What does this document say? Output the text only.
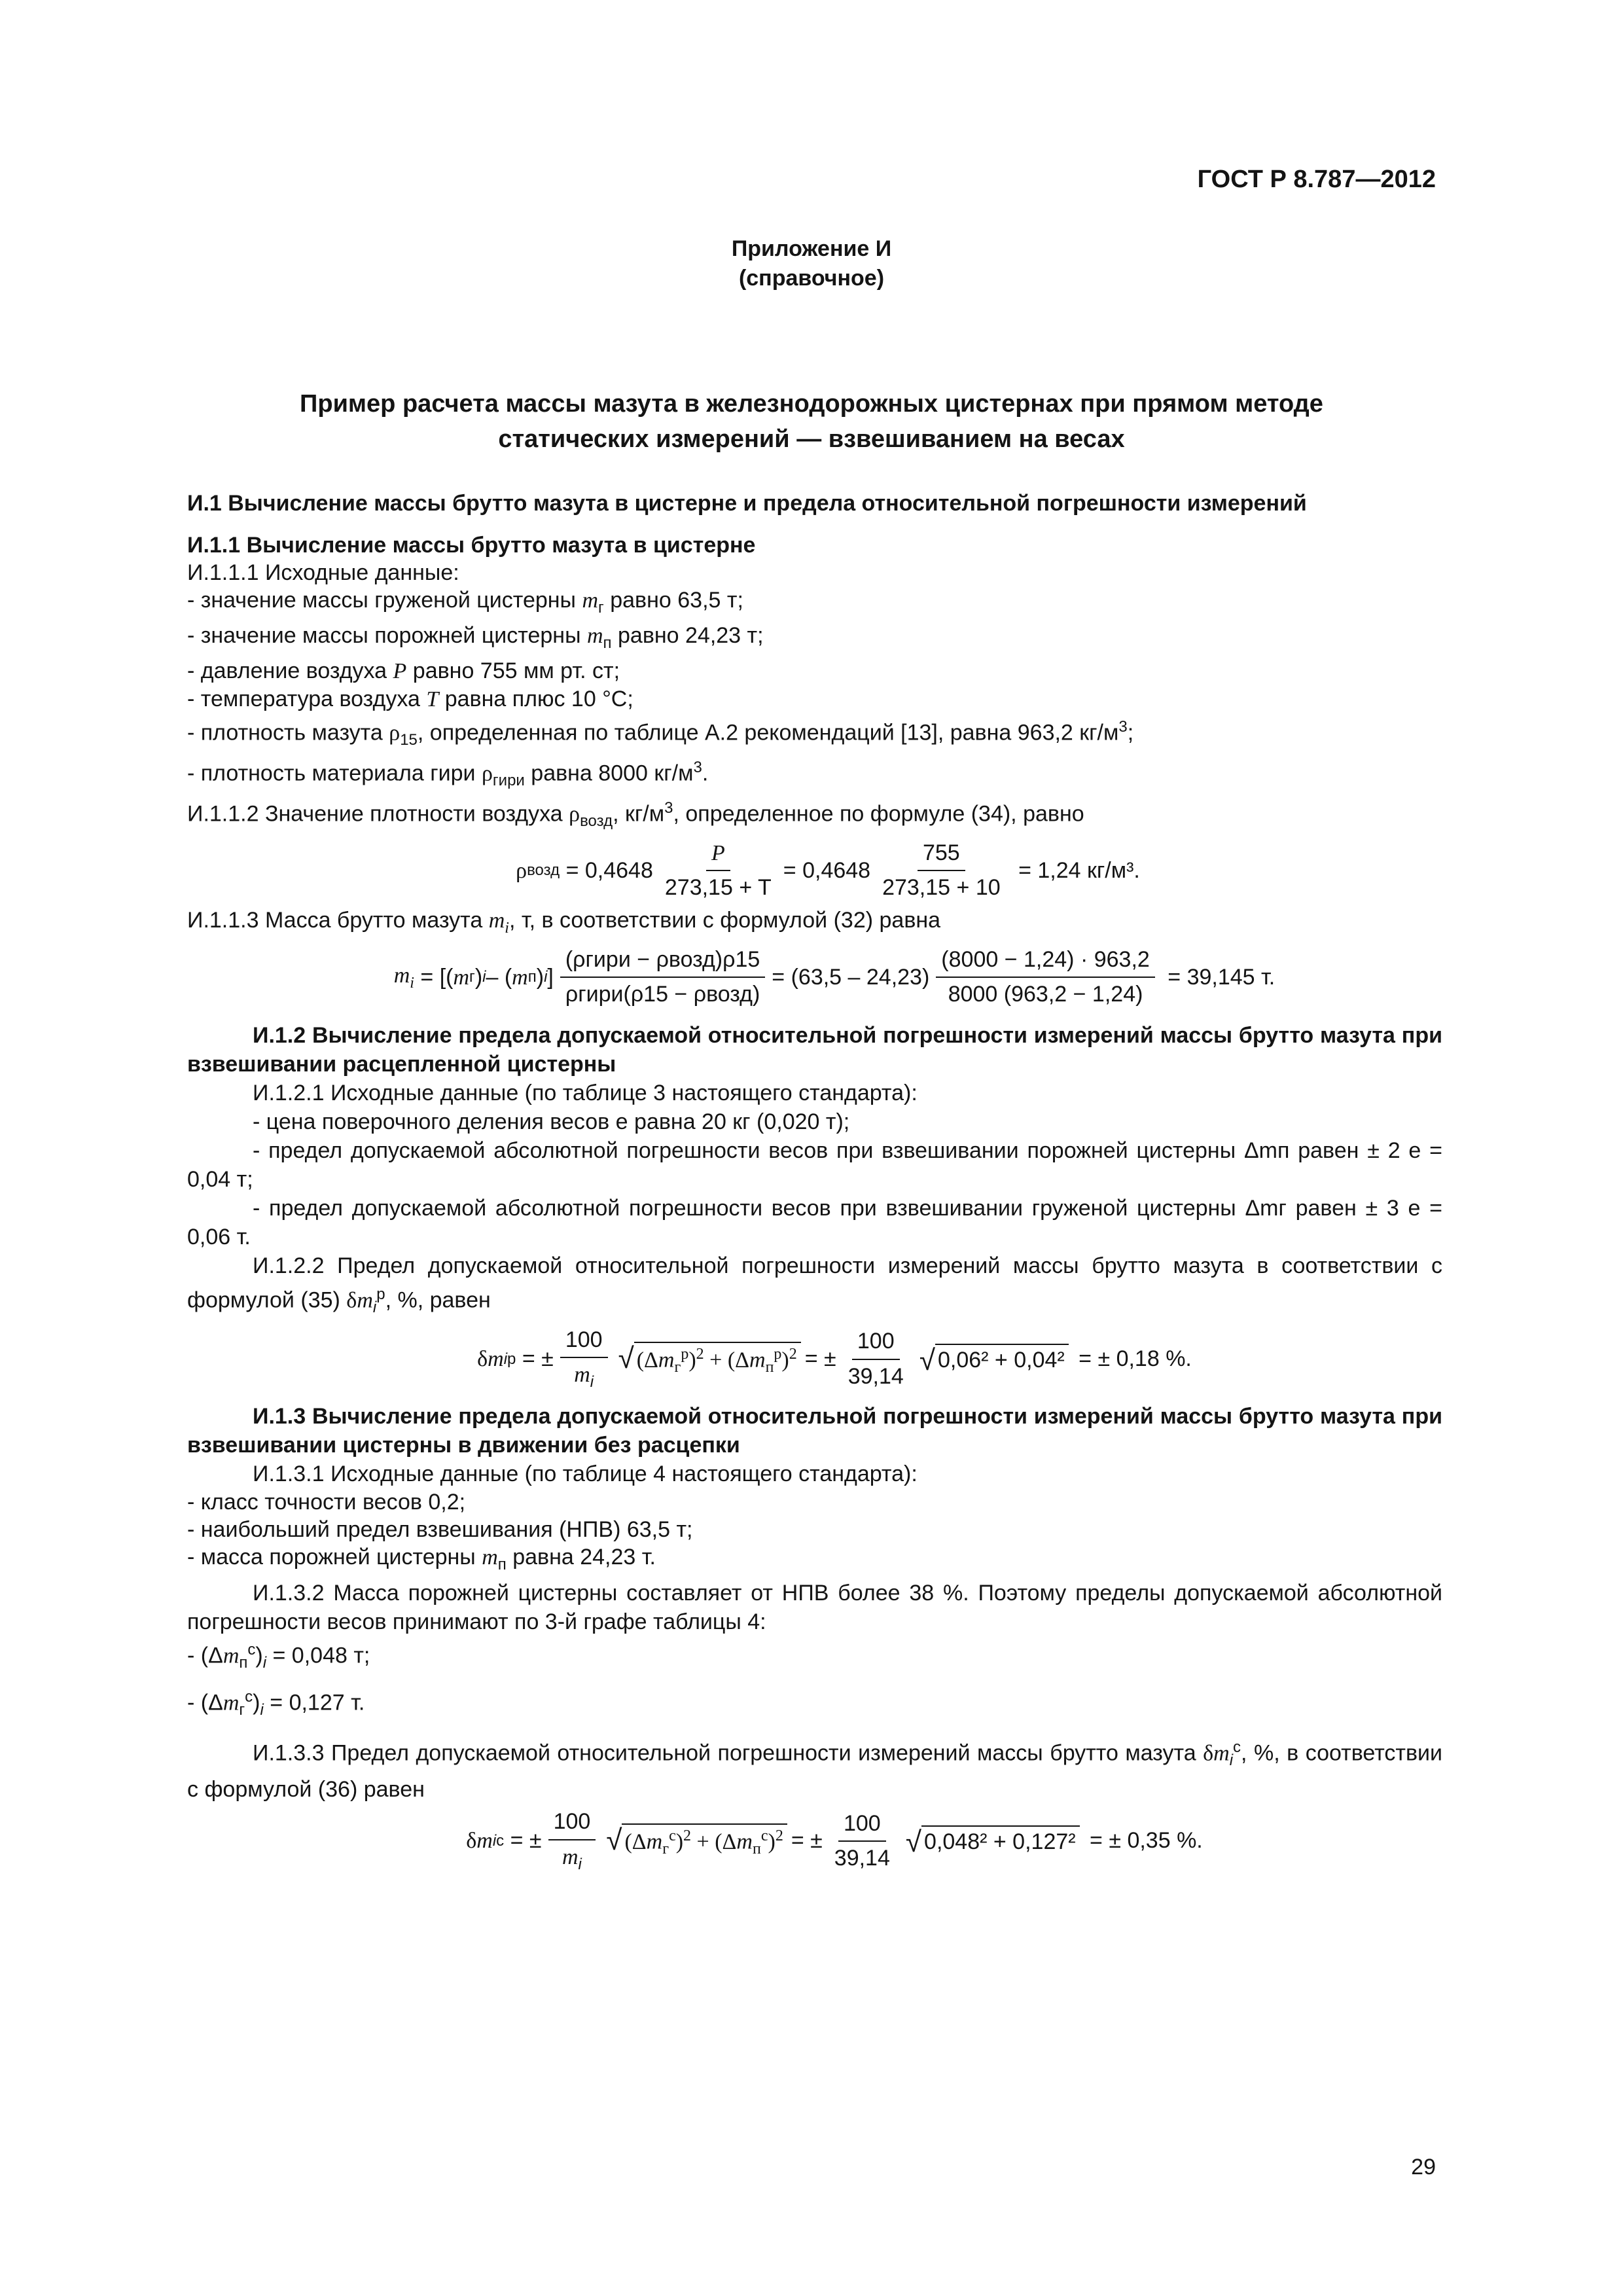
ГОСТ Р 8.787—2012
Приложение И
(справочное)
Пример расчета массы мазута в железнодорожных цистернах при прямом методе
статических измерений — взвешиванием на весах
И.1 Вычисление массы брутто мазута в цистерне и предела относительной погрешности измерений
И.1.1 Вычисление массы брутто мазута в цистерне
И.1.1.1 Исходные данные:
- значение массы груженой цистерны $m_г$ равно 63,5 т;
- значение массы порожней цистерны $m_п$ равно 24,23 т;
- давление воздуха P равно 755 мм рт. ст;
- температура воздуха T равна плюс 10 °С;
- плотность мазута $\rho_{15}$, определенная по таблице А.2 рекомендаций [13], равна 963,2 $кг/м^3$;
- плотность материала гири $\rho_{гири}$ равна 8000 $кг/м^3$.
И.1.1.2 Значение плотности воздуха $\rho_{возд}$, $кг/м^3$, определенное по формуле (34), равно
ρ возд
= $0,4648 \frac{P}{273,15 + T} = 0,4648 \frac{755}{273,15 + 10}$
= 1,24 кг/м³.
И.1.1.3 Масса брутто мазута $m_i$, т, в соответствии с формулой (32) равна
$m_i$ = [( m г ) i – ( m п ) i ] $\frac{\text{(ρгири − ρвозд)ρ15}}{\text{ρгири(ρ15 − ρвозд)}} = (63,5 - 24,23) \frac{(8000 - 1,24) \cdot 963,2}{8000 (963,2 - 1,24)}$
= 39,145 т.
И.1.2 Вычисление предела допускаемой относительной погрешности измерений массы брутто мазута при взвешивании расцепленной цистерны
И.1.2.1 Исходные данные (по таблице 3 настоящего стандарта):
- цена поверочного деления весов e равна 20 кг (0,020 т);
- предел допускаемой абсолютной погрешности весов при взвешивании порожней цистерны Δmп равен ± 2 e = 0,04 т;
- предел допускаемой абсолютной погрешности весов при взвешивании груженой цистерны Δmг равен ± 3 e = 0,06 т.
И.1.2.2 Предел допускаемой относительной погрешности измерений массы брутто мазута в соответствии с формулой (35) $\delta m_i^р$, %, равен
δ m i р
= ± $\frac{100}{m_i}$ √ $(\Delta m_г^р)^2 + (\Delta m_п^р)^2$ = ± $\frac{100}{39,14}$ √ 0,06² + 0,04²
= ± 0,18 %.
И.1.3 Вычисление предела допускаемой относительной погрешности измерений массы брутто мазута при взвешивании цистерны в движении без расцепки
И.1.3.1 Исходные данные (по таблице 4 настоящего стандарта):
- класс точности весов 0,2;
- наибольший предел взвешивания (НПВ) 63,5 т;
- масса порожней цистерны $m_п$ равна 24,23 т.
И.1.3.2 Масса порожней цистерны составляет от НПВ более 38 %. Поэтому пределы допускаемой абсолютной погрешности весов принимают по 3-й графе таблицы 4:
- $(\Delta m_п^с)_i = 0,048$ т;
- $(\Delta m_г^с)_i = 0,127$ т.
И.1.3.3 Предел допускаемой относительной погрешности измерений массы брутто мазута $\delta m_i^с$, %, в соответствии с формулой (36) равен
δ m i с
= ± $\frac{100}{m_i}$ √ $(\Delta m_г^с)^2 + (\Delta m_п^с)^2$ = ± $\frac{100}{39,14}$ √ 0,048² + 0,127²
= ± 0,35 %.
29
